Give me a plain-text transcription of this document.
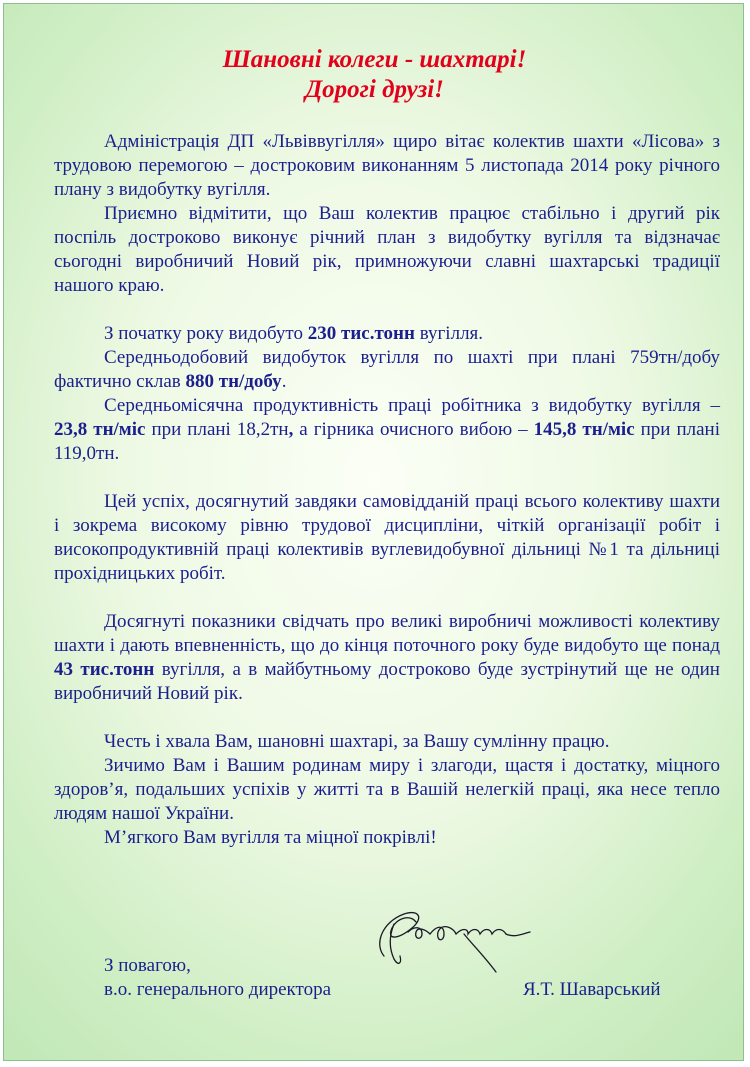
Шановні колеги - шахтарі!
Дорогі друзі!

Адміністрація ДП «Львіввугілля» щиро вітає колектив шахти «Лісова» з трудовою перемогою – достроковим виконанням 5 листопада 2014 року річного плану з видобутку вугілля.

Приємно відмітити, що Ваш колектив працює стабільно і другий рік поспіль достроково виконує річний план з видобутку вугілля та відзначає сьогодні виробничий Новий рік, примножуючи славні шахтарські традиції нашого краю.

З початку року видобуто 230 тис.тонн вугілля.

Середньодобовий видобуток вугілля по шахті при плані 759тн/добу фактично склав 880 тн/добу.

Середньомісячна продуктивність праці робітника з видобутку вугілля – 23,8 тн/міс при плані 18,2тн, а гірника очисного вибою – 145,8 тн/міс при плані 119,0тн.

Цей успіх, досягнутий завдяки самовідданій праці всього колективу шахти і зокрема високому рівню трудової дисципліни, чіткій організації робіт і високопродуктивній праці колективів вуглевидобувної дільниці №1 та дільниці прохідницьких робіт.

Досягнуті показники свідчать про великі виробничі можливості колективу шахти і дають впевненність, що до кінця поточного року буде видобуто ще понад 43 тис.тонн вугілля, а в майбутньому достроково буде зустрінутий ще не один виробничий Новий рік.

Честь і хвала Вам, шановні шахтарі, за Вашу сумлінну працю.

Зичимо Вам і Вашим родинам миру і злагоди, щастя і достатку, міцного здоров’я, подальших успіхів у житті та в Вашій нелегкій праці, яка несе тепло людям нашої України.

М’ягкого Вам вугілля та міцної покрівлі!

З повагою,
в.о. генерального директора	Я.Т. Шаварський
